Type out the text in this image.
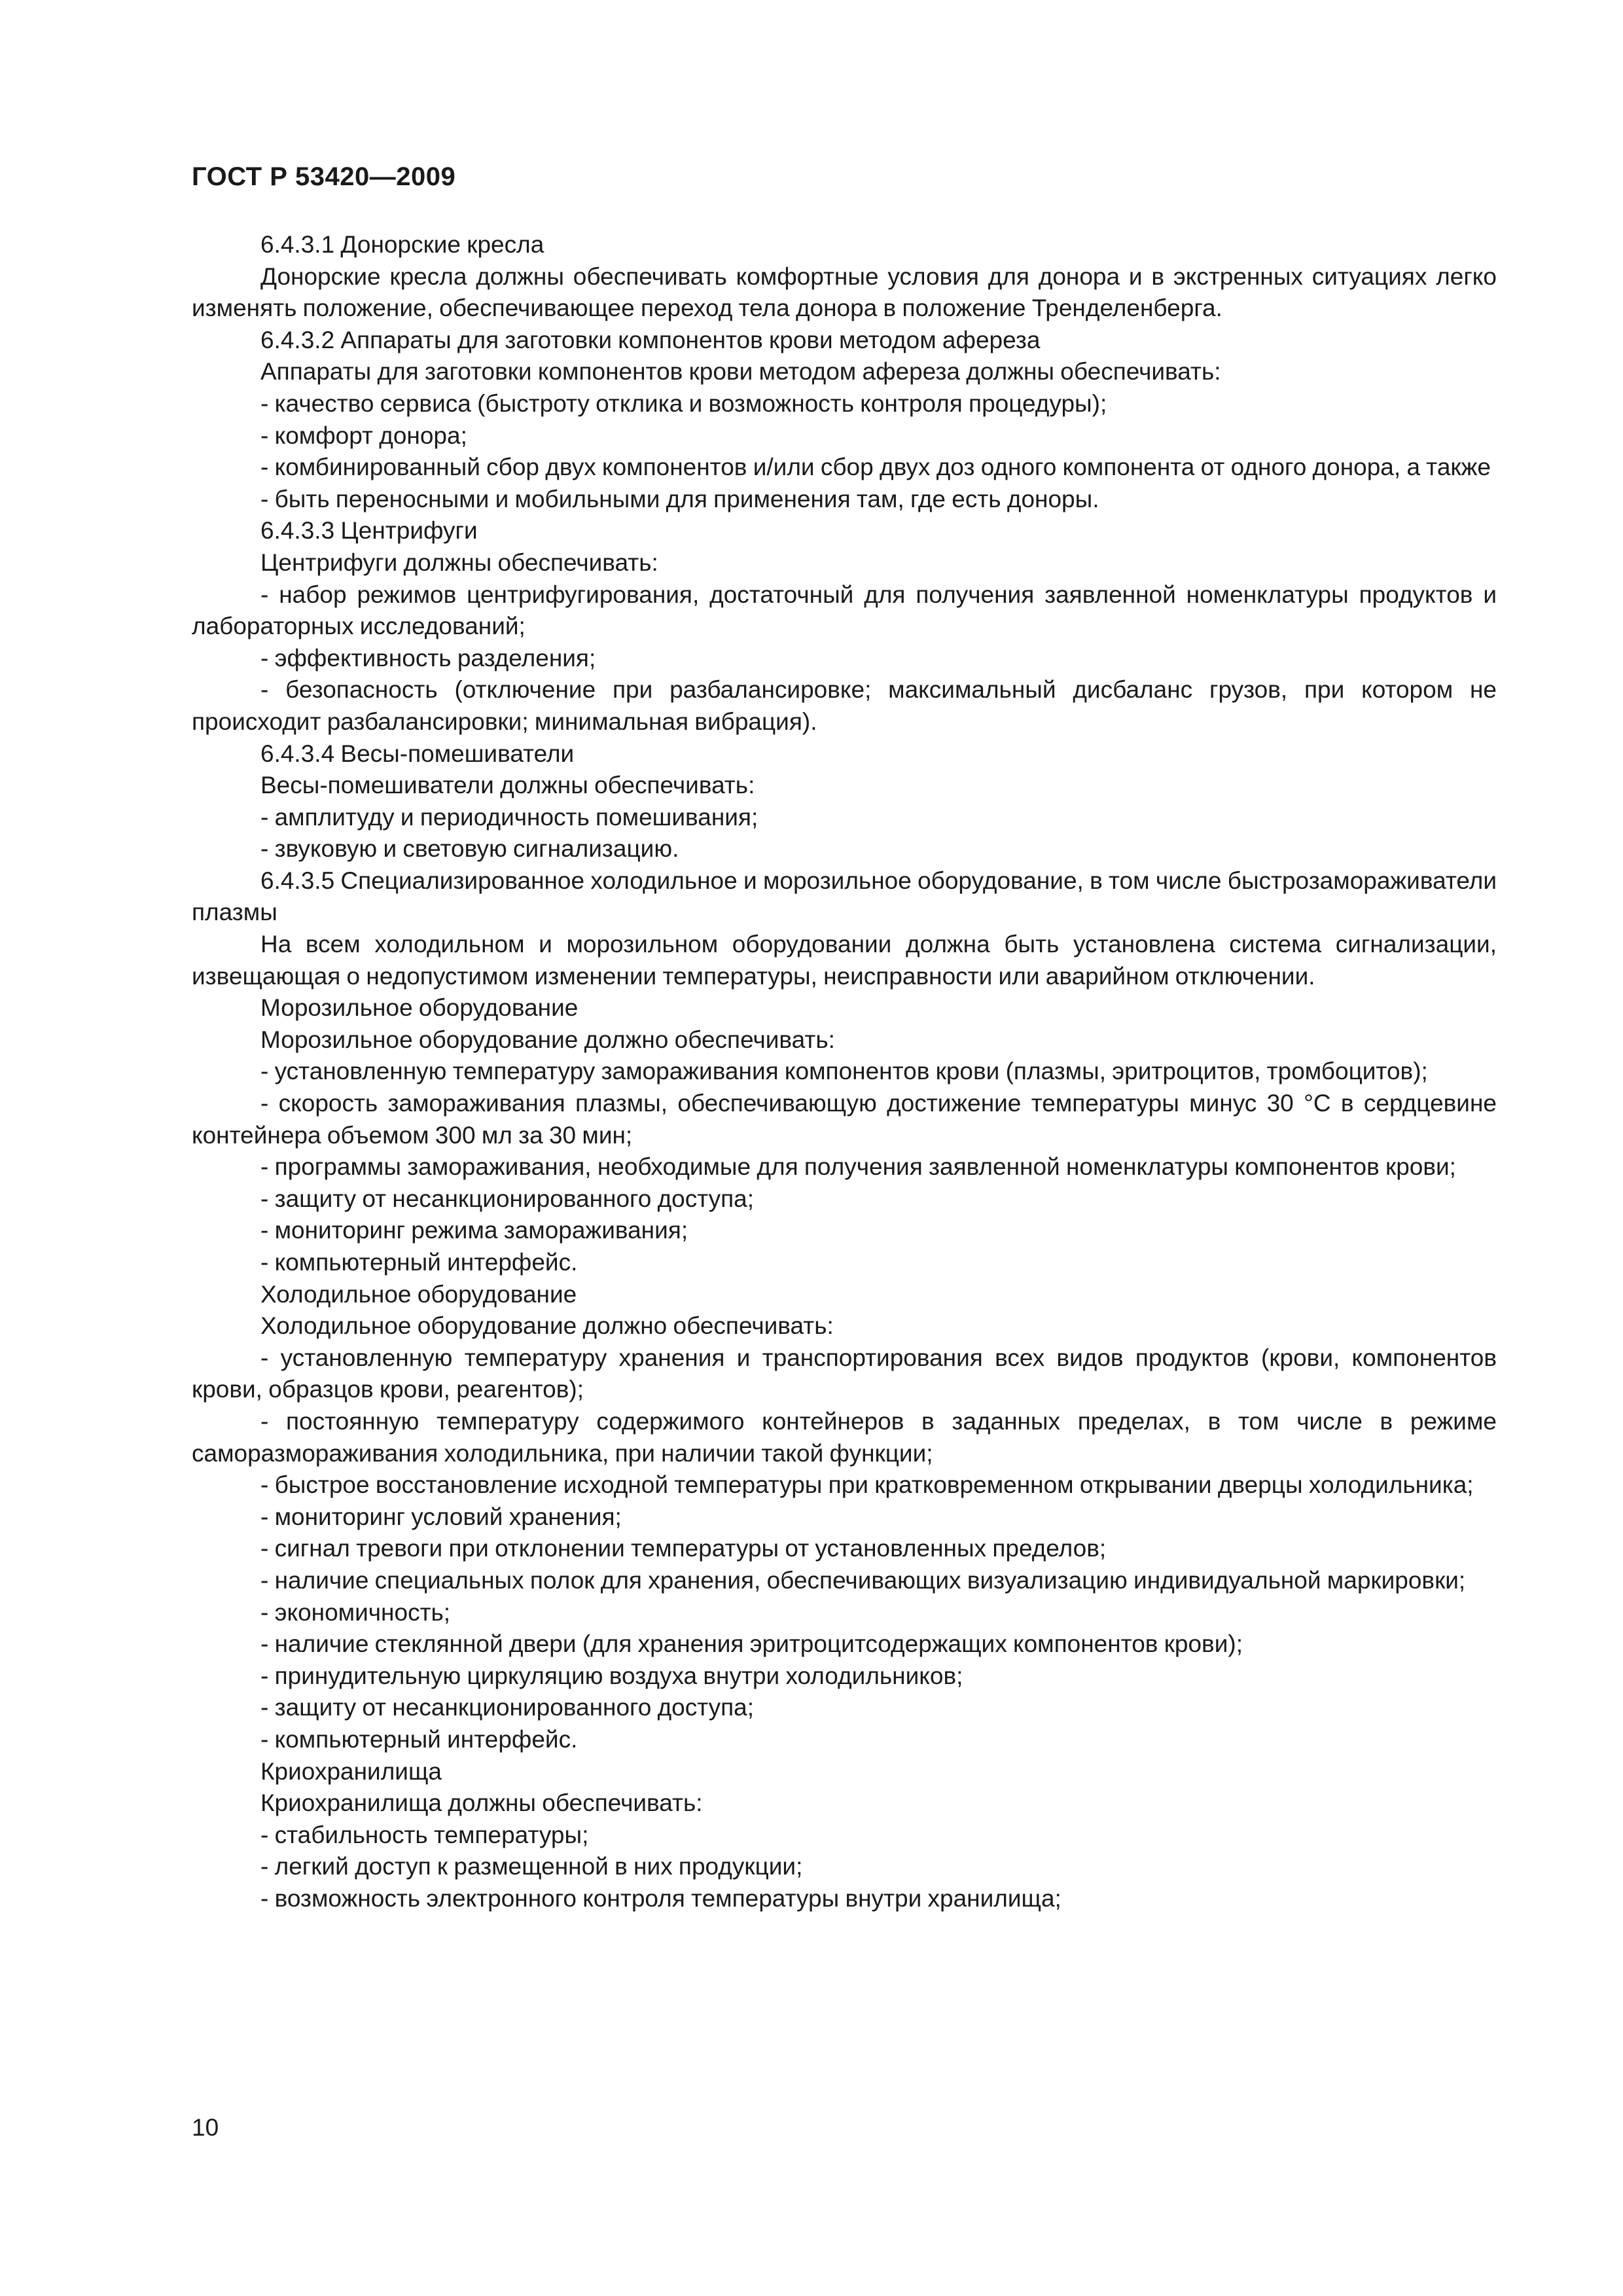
ГОСТ Р 53420—2009

6.4.3.1 Донорские кресла

Донорские кресла должны обеспечивать комфортные условия для донора и в экстренных ситуациях легко изменять положение, обеспечивающее переход тела донора в положение Тренделенберга.

6.4.3.2 Аппараты для заготовки компонентов крови методом афереза

Аппараты для заготовки компонентов крови методом афереза должны обеспечивать:

- качество сервиса (быстроту отклика и возможность контроля процедуры);

- комфорт донора;

- комбинированный сбор двух компонентов и/или сбор двух доз одного компонента от одного донора, а также

- быть переносными и мобильными для применения там, где есть доноры.

6.4.3.3 Центрифуги

Центрифуги должны обеспечивать:

- набор режимов центрифугирования, достаточный для получения заявленной номенклатуры продуктов и лабораторных исследований;

- эффективность разделения;

- безопасность (отключение при разбалансировке; максимальный дисбаланс грузов, при котором не происходит разбалансировки; минимальная вибрация).

6.4.3.4 Весы-помешиватели

Весы-помешиватели должны обеспечивать:

- амплитуду и периодичность помешивания;

- звуковую и световую сигнализацию.

6.4.3.5 Специализированное холодильное и морозильное оборудование, в том числе быстрозамораживатели плазмы

На всем холодильном и морозильном оборудовании должна быть установлена система сигнализации, извещающая о недопустимом изменении температуры, неисправности или аварийном отключении.

Морозильное оборудование

Морозильное оборудование должно обеспечивать:

- установленную температуру замораживания компонентов крови (плазмы, эритроцитов, тромбоцитов);

- скорость замораживания плазмы, обеспечивающую достижение температуры минус 30 °С в сердцевине контейнера объемом 300 мл за 30 мин;

- программы замораживания, необходимые для получения заявленной номенклатуры компонентов крови;

- защиту от несанкционированного доступа;

- мониторинг режима замораживания;

- компьютерный интерфейс.

Холодильное оборудование

Холодильное оборудование должно обеспечивать:

- установленную температуру хранения и транспортирования всех видов продуктов (крови, компонентов крови, образцов крови, реагентов);

- постоянную температуру содержимого контейнеров в заданных пределах, в том числе в режиме саморазмораживания холодильника, при наличии такой функции;

- быстрое восстановление исходной температуры при кратковременном открывании дверцы холодильника;

- мониторинг условий хранения;

- сигнал тревоги при отклонении температуры от установленных пределов;

- наличие специальных полок для хранения, обеспечивающих визуализацию индивидуальной маркировки;

- экономичность;

- наличие стеклянной двери (для хранения эритроцитсодержащих компонентов крови);

- принудительную циркуляцию воздуха внутри холодильников;

- защиту от несанкционированного доступа;

- компьютерный интерфейс.

Криохранилища

Криохранилища должны обеспечивать:

- стабильность температуры;

- легкий доступ к размещенной в них продукции;

- возможность электронного контроля температуры внутри хранилища;

10
